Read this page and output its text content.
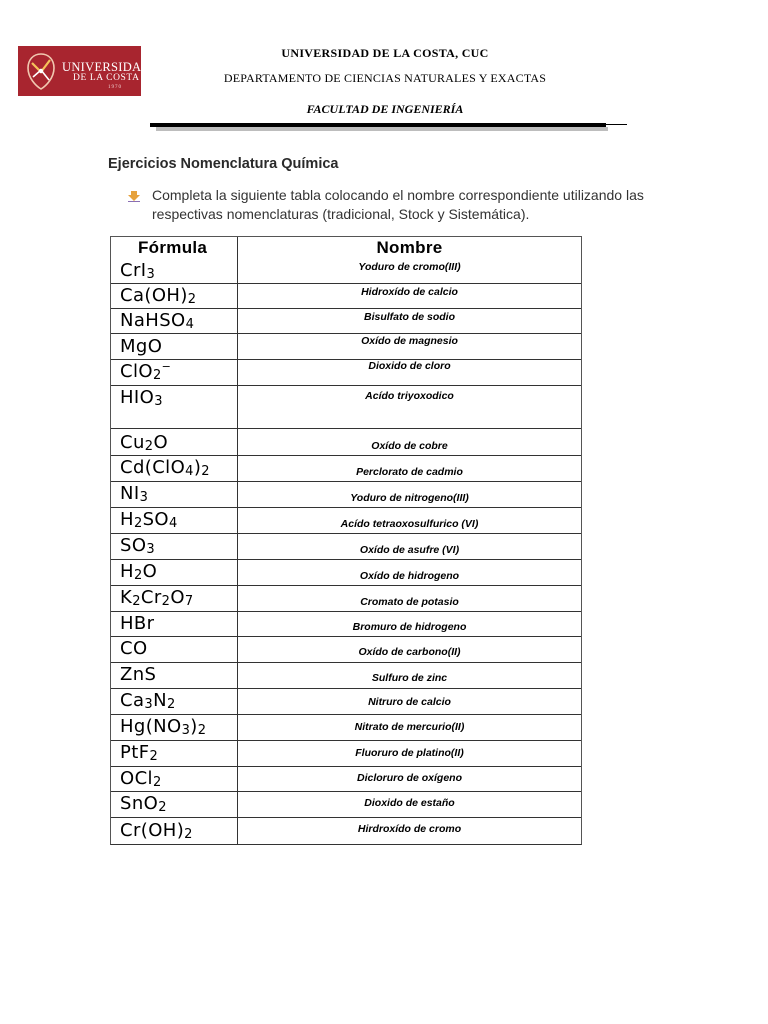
UNIVERSIDAD
DE LA COSTA
1970
UNIVERSIDAD DE LA COSTA, CUC
DEPARTAMENTO DE CIENCIAS NATURALES Y EXACTAS
FACULTAD DE INGENIERÍA
Ejercicios Nomenclatura Química
Completa la siguiente tabla colocando el nombre correspondiente utilizando las respectivas nomenclaturas (tradicional, Stock y Sistemática).
Fórmula	Nombre
CrI$_3$	Yoduro de cromo(III)
$Ca(OH)_2$	Hidroxído de calcio
NaHSO$_4$	Bisulfato de sodio
MgO	Oxído de magnesio
ClO$_2$−	Dioxido de cloro
$HIO_3$	Acído triyoxodico
$Cu_2O$	Oxído de cobre
$Cd(ClO_4)_2$	Perclorato de cadmio
$NI_3$	Yoduro de nitrogeno(III)
$H_2SO_4$	Acído tetraoxosulfurico (VI)
$SO_3$	Oxído de asufre (VI)
$H_2O$	Oxído de hidrogeno
$K_2Cr_2O_7$	Cromato de potasio
HBr	Bromuro de hidrogeno
CO	Oxído de carbono(II)
ZnS	Sulfuro de zinc
$Ca_3N_2$	Nitruro de calcio
$Hg(NO_3)_2$	Nitrato de mercurio(II)
PtF$_2$	Fluoruro de platino(II)
OCl$_2$	Dicloruro de oxígeno
SnO$_2$	Dioxido de estaño
$Cr(OH)_2$	Hirdroxído de cromo
